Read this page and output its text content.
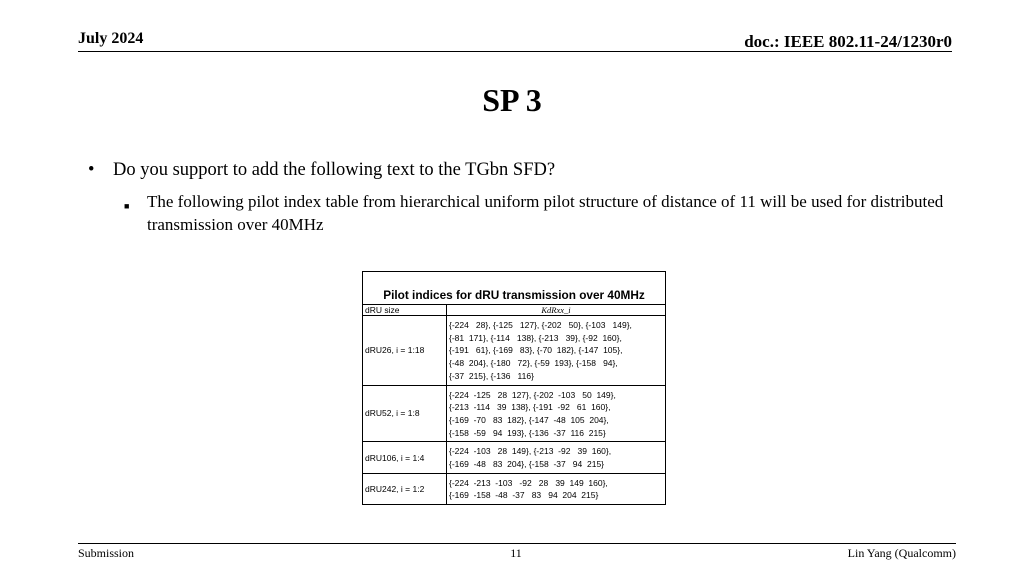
July 2024	doc.: IEEE 802.11-24/1230r0
SP 3
•	Do you support to add the following text to the TGbn SFD?
■	The following pilot index table from hierarchical uniform pilot structure of distance of 11 will be used for distributed transmission over 40MHz
Pilot indices for dRU transmission over 40MHz	
dRU size	KdRxx_i
dRU26, i = 1:18	{-224   28}, {-125   127}, {-202   50}, {-103   149},
{-81  171}, {-114   138}, {-213   39}, {-92  160},
{-191   61}, {-169   83}, {-70  182}, {-147  105},
{-48  204}, {-180   72}, {-59  193}, {-158   94},
{-37  215}, {-136   116}
dRU52, i = 1:8	{-224  -125   28  127}, {-202  -103   50  149},
{-213  -114   39  138}, {-191  -92   61  160},
{-169  -70   83  182}, {-147  -48  105  204},
{-158  -59   94  193}, {-136  -37  116  215}
dRU106, i = 1:4	{-224  -103   28  149}, {-213  -92   39  160},
{-169  -48   83  204}, {-158  -37   94  215}
dRU242, i = 1:2	{-224  -213  -103   -92   28   39  149  160},
{-169  -158  -48  -37   83   94  204  215}
Submission	11	Lin Yang (Qualcomm)
